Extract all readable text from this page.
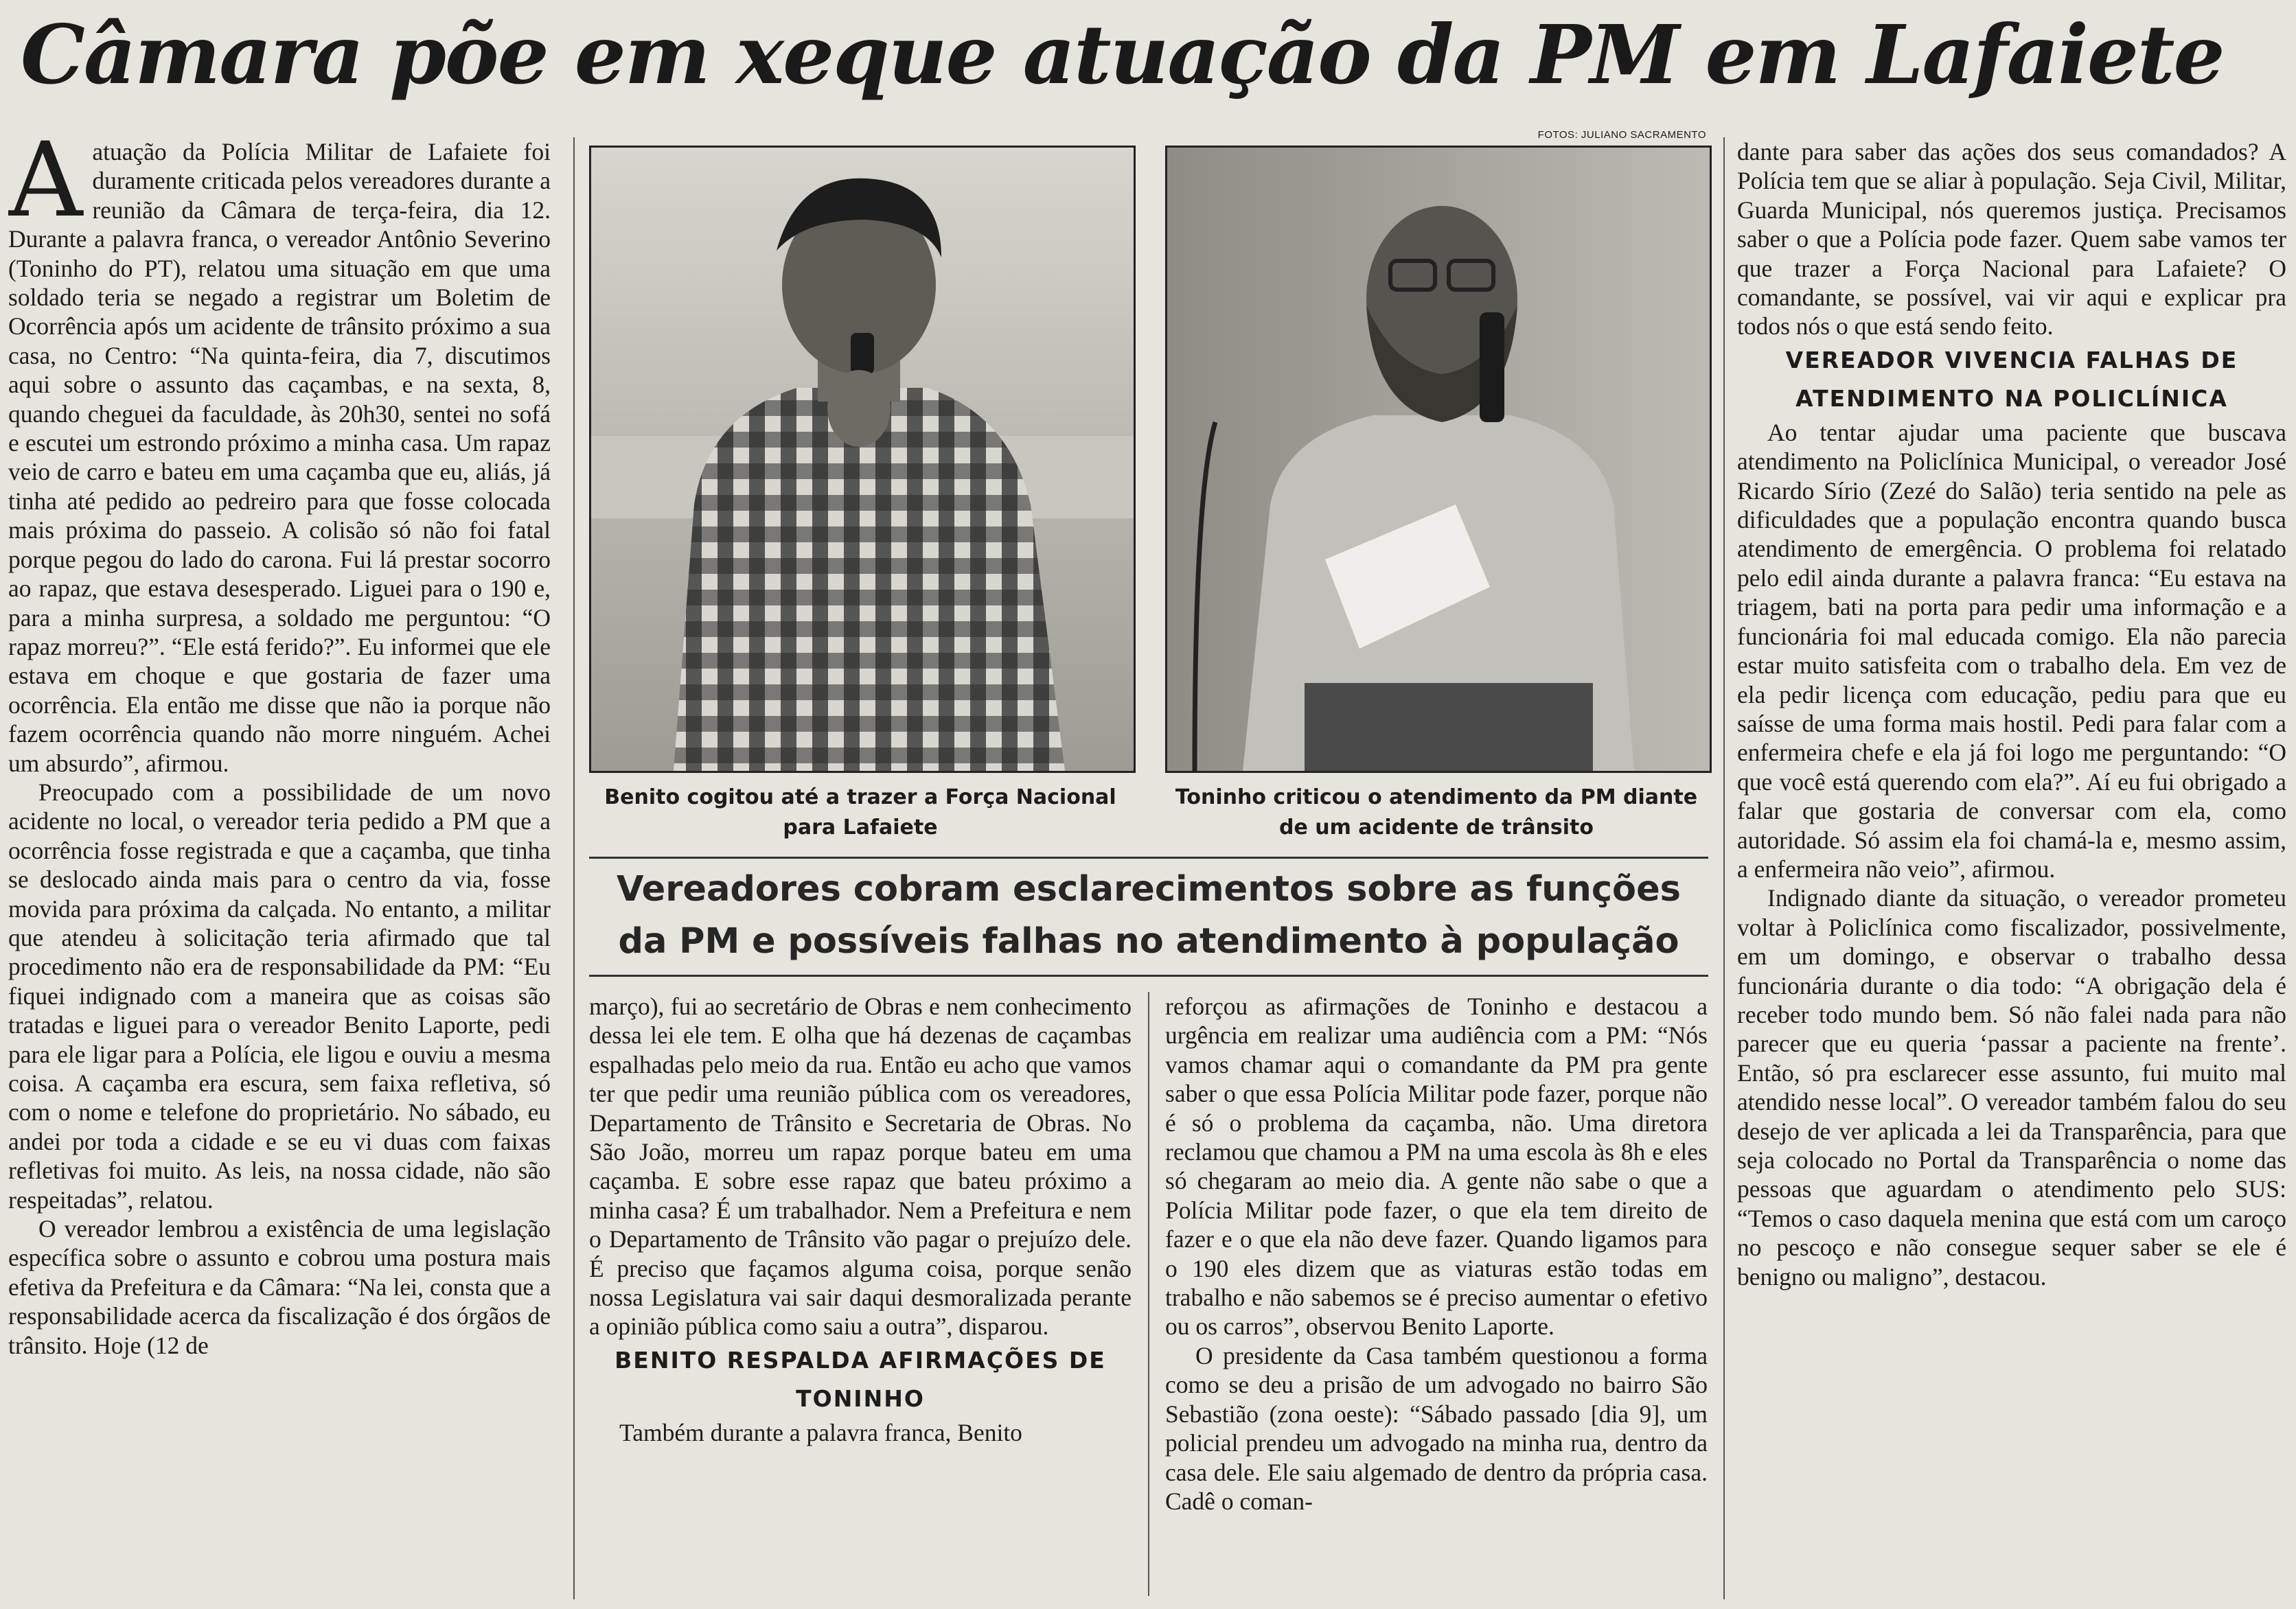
Câmara põe em xeque atuação da PM em Lafaiete

Aatuação da Polícia Militar de Lafaiete foi duramente criticada pelos vereadores durante a reunião da Câmara de terça-feira, dia 12. Durante a palavra franca, o vereador Antônio Severino (Toninho do PT), relatou uma situação em que uma soldado teria se negado a registrar um Boletim de Ocorrência após um acidente de trânsito próximo a sua casa, no Centro: “Na quinta-feira, dia 7, discutimos aqui sobre o assunto das caçambas, e na sexta, 8, quando cheguei da faculdade, às 20h30, sentei no sofá e escutei um estrondo próximo a minha casa. Um rapaz veio de carro e bateu em uma caçamba que eu, aliás, já tinha até pedido ao pedreiro para que fosse colocada mais próxima do passeio. A colisão só não foi fatal porque pegou do lado do carona. Fui lá prestar socorro ao rapaz, que estava desesperado. Liguei para o 190 e, para a minha surpresa, a soldado me perguntou: “O rapaz morreu?”. “Ele está ferido?”. Eu informei que ele estava em choque e que gostaria de fazer uma ocorrência. Ela então me disse que não ia porque não fazem ocorrência quando não morre ninguém. Achei um absurdo”, afirmou.

Preocupado com a possibilidade de um novo acidente no local, o vereador teria pedido a PM que a ocorrência fosse registrada e que a caçamba, que tinha se deslocado ainda mais para o centro da via, fosse movida para próxima da calçada. No entanto, a militar que atendeu à solicitação teria afirmado que tal procedimento não era de responsabilidade da PM: “Eu fiquei indignado com a maneira que as coisas são tratadas e liguei para o vereador Benito Laporte, pedi para ele ligar para a Polícia, ele ligou e ouviu a mesma coisa. A caçamba era escura, sem faixa refletiva, só com o nome e telefone do proprietário. No sábado, eu andei por toda a cidade e se eu vi duas com faixas refletivas foi muito. As leis, na nossa cidade, não são respeitadas”, relatou.

O vereador lembrou a existência de uma legislação específica sobre o assunto e cobrou uma postura mais efetiva da Prefeitura e da Câmara: “Na lei, consta que a responsabilidade acerca da fiscalização é dos órgãos de trânsito. Hoje (12 de

FOTOS: JULIANO SACRAMENTO
Benito cogitou até a trazer a Força Nacional para Lafaiete
Toninho criticou o atendimento da PM diante de um acidente de trânsito
Vereadores cobram esclarecimentos sobre as funções da PM e possíveis falhas no atendimento à população

março), fui ao secretário de Obras e nem conhecimento dessa lei ele tem. E olha que há dezenas de caçambas espalhadas pelo meio da rua. Então eu acho que vamos ter que pedir uma reunião pública com os vereadores, Departamento de Trânsito e Secretaria de Obras. No São João, morreu um rapaz porque bateu em uma caçamba. E sobre esse rapaz que bateu próximo a minha casa? É um trabalhador. Nem a Prefeitura e nem o Departamento de Trânsito vão pagar o prejuízo dele. É preciso que façamos alguma coisa, porque senão nossa Legislatura vai sair daqui desmoralizada perante a opinião pública como saiu a outra”, disparou.

BENITO RESPALDA AFIRMAÇÕES DE TONINHO

Também durante a palavra franca, Benito

reforçou as afirmações de Toninho e destacou a urgência em realizar uma audiência com a PM: “Nós vamos chamar aqui o comandante da PM pra gente saber o que essa Polícia Militar pode fazer, porque não é só o problema da caçamba, não. Uma diretora reclamou que chamou a PM na uma escola às 8h e eles só chegaram ao meio dia. A gente não sabe o que a Polícia Militar pode fazer, o que ela tem direito de fazer e o que ela não deve fazer. Quando ligamos para o 190 eles dizem que as viaturas estão todas em trabalho e não sabemos se é preciso aumentar o efetivo ou os carros”, observou Benito Laporte.

O presidente da Casa também questionou a forma como se deu a prisão de um advogado no bairro São Sebastião (zona oeste): “Sábado passado [dia 9], um policial prendeu um advogado na minha rua, dentro da casa dele. Ele saiu algemado de dentro da própria casa. Cadê o coman-

dante para saber das ações dos seus comandados? A Polícia tem que se aliar à população. Seja Civil, Militar, Guarda Municipal, nós queremos justiça. Precisamos saber o que a Polícia pode fazer. Quem sabe vamos ter que trazer a Força Nacional para Lafaiete? O comandante, se possível, vai vir aqui e explicar pra todos nós o que está sendo feito.

VEREADOR VIVENCIA FALHAS DE ATENDIMENTO NA POLICLÍNICA

Ao tentar ajudar uma paciente que buscava atendimento na Policlínica Municipal, o vereador José Ricardo Sírio (Zezé do Salão) teria sentido na pele as dificuldades que a população encontra quando busca atendimento de emergência. O problema foi relatado pelo edil ainda durante a palavra franca: “Eu estava na triagem, bati na porta para pedir uma informação e a funcionária foi mal educada comigo. Ela não parecia estar muito satisfeita com o trabalho dela. Em vez de ela pedir licença com educação, pediu para que eu saísse de uma forma mais hostil. Pedi para falar com a enfermeira chefe e ela já foi logo me perguntando: “O que você está querendo com ela?”. Aí eu fui obrigado a falar que gostaria de conversar com ela, como autoridade. Só assim ela foi chamá-la e, mesmo assim, a enfermeira não veio”, afirmou.

Indignado diante da situação, o vereador prometeu voltar à Policlínica como fiscalizador, possivelmente, em um domingo, e observar o trabalho dessa funcionária durante o dia todo: “A obrigação dela é receber todo mundo bem. Só não falei nada para não parecer que eu queria ‘passar a paciente na frente’. Então, só pra esclarecer esse assunto, fui muito mal atendido nesse local”. O vereador também falou do seu desejo de ver aplicada a lei da Transparência, para que seja colocado no Portal da Transparência o nome das pessoas que aguardam o atendimento pelo SUS: “Temos o caso daquela menina que está com um caroço no pescoço e não consegue sequer saber se ele é benigno ou maligno”, destacou.
